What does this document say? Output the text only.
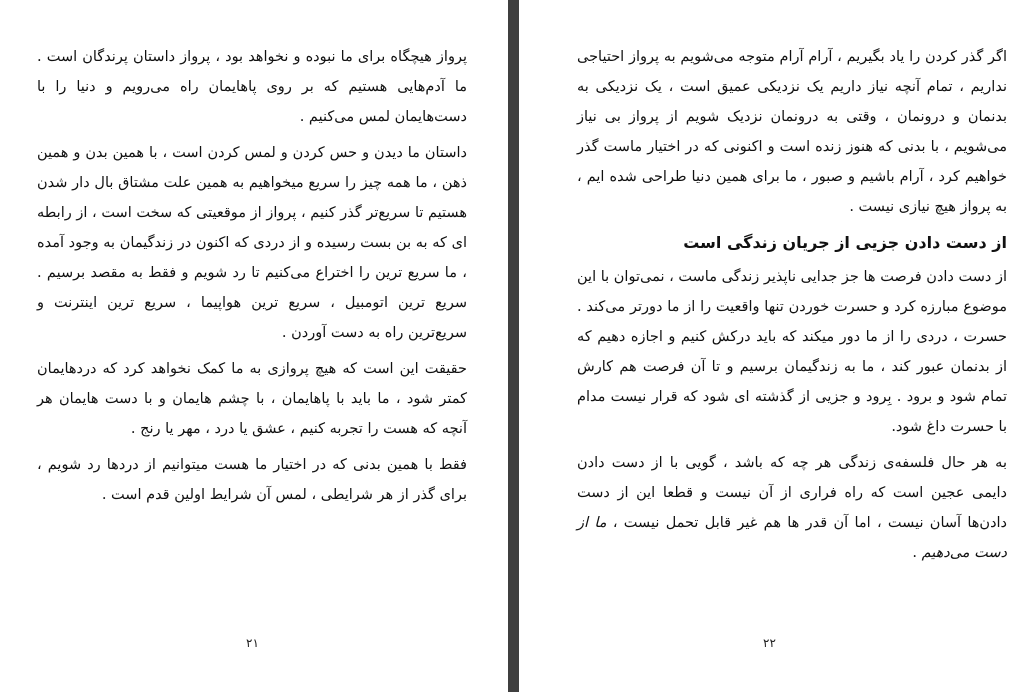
پرواز هیچگاه برای ما نبوده و نخواهد بود ، پرواز داستان پرندگان است . ما آدم‌هایی هستیم که بر روی پاهایمان راه می‌رویم و دنیا را با دست‌هایمان لمس می‌کنیم .

داستان ما دیدن و حس کردن و لمس کردن است ، با همین بدن و همین ذهن ، ما همه چیز را سریع میخواهیم به همین علت مشتاق بال دار شدن هستیم تا سریع‌تر گذر کنیم ، پرواز از موقعیتی که سخت است ، از رابطه ای که به بن بست رسیده و از دردی که اکنون در زندگیمان به وجود آمده ، ما سریع ترین را اختراع می‌کنیم تا رد شویم و فقط به مقصد برسیم . سریع ترین اتومبیل ، سریع ترین هواپیما ، سریع ترین اینترنت و سریع‌ترین راه به دست آوردن .

حقیقت این است که هیچ پروازی به ما کمک نخواهد کرد که دردهایمان کمتر شود ، ما باید با پاهایمان ، با چشم هایمان و با دست هایمان هر آنچه که هست را تجربه کنیم ، عشق یا درد ، مهر یا رنج .

فقط با همین بدنی که در اختیار ما هست میتوانیم از دردها رد شویم ، برای گذر از هر شرایطی ، لمس آن شرایط اولین قدم است .

۲۱

اگر گذر کردن را یاد بگیریم ، آرام آرام متوجه می‌شویم به پرواز احتیاجی نداریم ، تمام آنچه نیاز داریم یک نزدیکی عمیق است ، یک نزدیکی به بدنمان و درونمان ، وقتی به درونمان نزدیک شویم از پرواز بی نیاز می‌شویم ، با بدنی که هنوز زنده است و اکنونی که در اختیار ماست گذر خواهیم کرد ، آرام باشیم و صبور ، ما برای همین دنیا طراحی شده ایم ، به پرواز هیچ نیازی نیست .

از دست دادن جزیی از جریان زندگی است

از دست دادن فرصت ها جز جدایی ناپذیر زندگی ماست ، نمی‌توان با این موضوع مبارزه کرد و حسرت خوردن تنها واقعیت را از ما دورتر می‌کند . حسرت ، دردی را از ما دور میکند که باید درکش کنیم و اجازه دهیم که از بدنمان عبور کند ، ما به زندگیمان برسیم و تا آن فرصت هم کارش تمام شود و برود . بِرود و جزیی از گذشته ای شود که قرار نیست مدام با حسرت داغ شود.

به هر حال فلسفه‌ی زندگی هر چه که باشد ، گویی با از دست دادن دایمی عجین است که راه فراری از آن نیست و قطعا این از دست دادن‌ها آسان نیست ، اما آن قدر ها هم غیر قابل تحمل نیست ، ما از دست می‌دهیم .

۲۲
